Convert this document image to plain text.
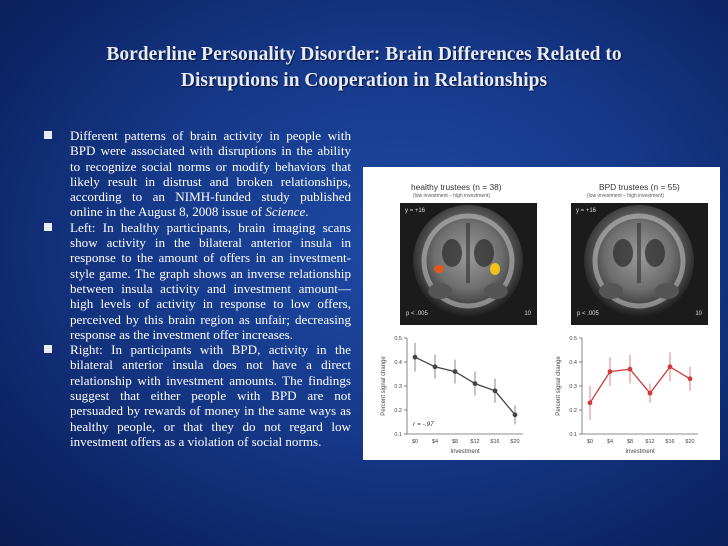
Borderline Personality Disorder: Brain Differences Related to
Disruptions in Cooperation in Relationships
Different patterns of brain activity in people with BPD were associated with disruptions in the ability to recognize social norms or modify behaviors that likely result in distrust and broken relationships, according to an NIMH-funded study published online in the August 8, 2008 issue of Science.
Left: In healthy participants, brain imaging scans show activity in the bilateral anterior insula in response to the amount of offers in an investment-style game. The graph shows an inverse relationship between insula activity and investment amount—high levels of activity in response to low offers, perceived by this brain region as unfair; decreasing response as the investment offer increases.
Right: In participants with BPD, activity in the bilateral anterior insula does not have a direct relationship with investment amounts. The findings suggest that either people with BPD are not persuaded by rewards of money in the same ways as healthy people, or that they do not regard low investment offers as a violation of social norms.
healthy trustees (n = 38)
(low investment – high investment)
BPD trustees (n = 55)
(low investment – high investment)
y = +16
p < .005	10
y = +16
p < .005	10
0.1
0.2
0.3
0.4
0.5
$0	$4	$8 $12 $16 $20
Investment
Percent signal change
r = -.97
0.1
0.2
0.3
0.4
0.5
$0	$4	$8 $12 $16 $20
Investment
Percent signal change
